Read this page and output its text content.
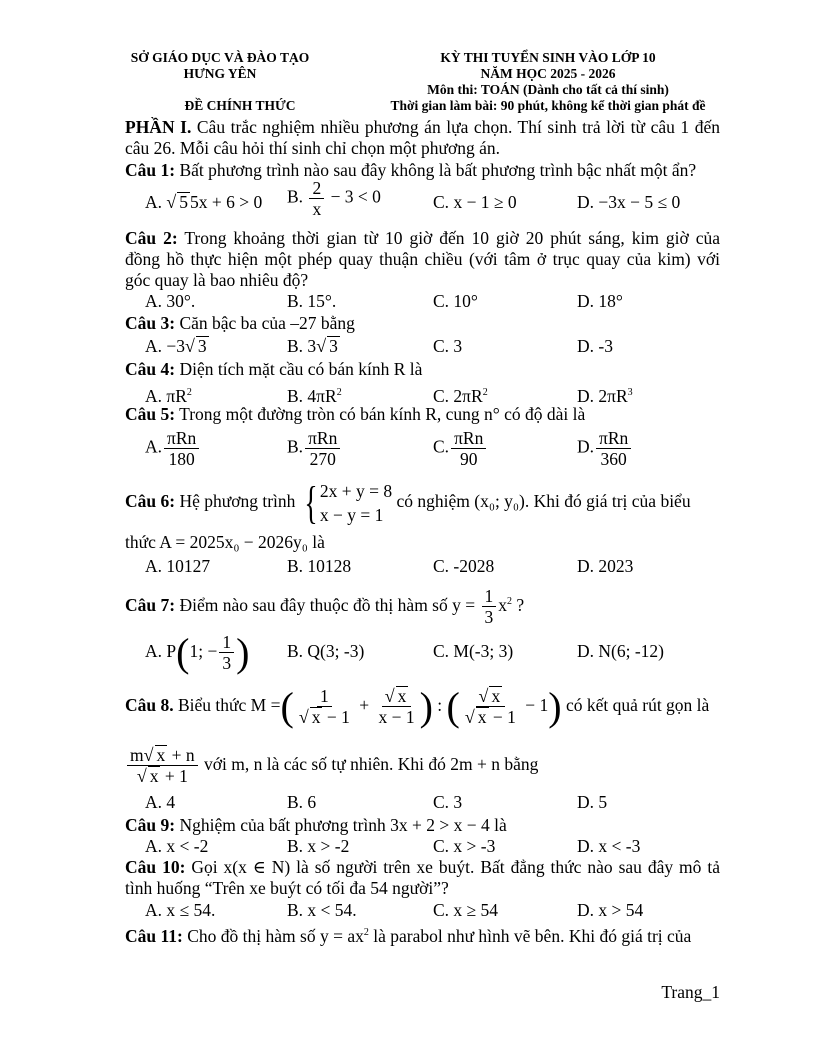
SỞ GIÁO DỤC VÀ ĐÀO TẠO
HƯNG YÊN
ĐỀ CHÍNH THỨC
KỲ THI TUYỂN SINH VÀO LỚP 10
NĂM HỌC 2025 - 2026
Môn thi: TOÁN (Dành cho tất cả thí sinh)
Thời gian làm bài: 90 phút, không kể thời gian phát đề
PHẦN I. Câu trắc nghiệm nhiều phương án lựa chọn. Thí sinh trả lời từ câu 1 đến
câu 26. Mỗi câu hỏi thí sinh chỉ chọn một phương án.
Câu 1: Bất phương trình nào sau đây không là bất phương trình bậc nhất một ẩn?
A. √ 5 5x + 6 > 0 B. $\frac{2}{x} - 3 < 0$	C. x − 1 ≥ 0	D. −3x − 5 ≤ 0
Câu 2: Trong khoảng thời gian từ 10 giờ đến 10 giờ 20 phút sáng, kim giờ của
đồng hồ thực hiện một phép quay thuận chiều (với tâm ở trục quay của kim) với
góc quay là bao nhiêu độ?
A. 30°.	B. 15°.	C. 10°	D. 18°
Câu 3: Căn bậc ba của –27 bằng
A. −3√ 3	B. 3√ 3	C. 3	D. -3
Câu 4: Diện tích mặt cầu có bán kính R là
A. $\pi R^2$	B. $4\pi R^2$	C. $2\pi R^2$	D. $2\pi R^3$
Câu 5: Trong một đường tròn có bán kính R, cung n° có độ dài là
A. $\frac{\text{πRn}}{180}$	B. $\frac{\text{πRn}}{270}$	C. $\frac{\text{πRn}}{90}$	D. $\frac{\text{πRn}}{360}$
Câu 6: Hệ phương trình { 2x + y = 8
x − y = 1
có nghiệm (x₀; y₀). Khi đó giá trị của biểu
thức A = 2025x₀ − 2026y₀ là
A. 10127	B. 10128	C. -2028	D. 2023
Câu 7: Điểm nào sau đây thuộc đồ thị hàm số $y = \frac{1}{3} x^2$ ?
A. P(1; − $\frac{1}{3}$ ) B. Q(3; -3)	C. M(-3; 3)	D. N(6; -12)
Câu 8. Biểu thức M =( $\frac{1}{√ x - 1} + \frac{√ x}{x - 1}$ ) : ( $\frac{√ x}{√ x - 1} - 1$) có kết quả rút gọn là
$\frac{m√ x + n}{√ x + 1}$ với m, n là các số tự nhiên. Khi đó 2m + n bằng
A. 4	B. 6	C. 3	D. 5
Câu 9: Nghiệm của bất phương trình 3x + 2 > x − 4 là
A. x < -2	B. x > -2	C. x > -3	D. x < -3
Câu 10: Gọi x(x ∈ N) là số người trên xe buýt. Bất đẳng thức nào sau đây mô tả
tình huống “Trên xe buýt có tối đa 54 người”?
A. x ≤ 54.	B. x < 54.	C. x ≥ 54	D. x > 54
Câu 11: Cho đồ thị hàm số $y = ax^2$ là parabol như hình vẽ bên. Khi đó giá trị của
Trang_1
